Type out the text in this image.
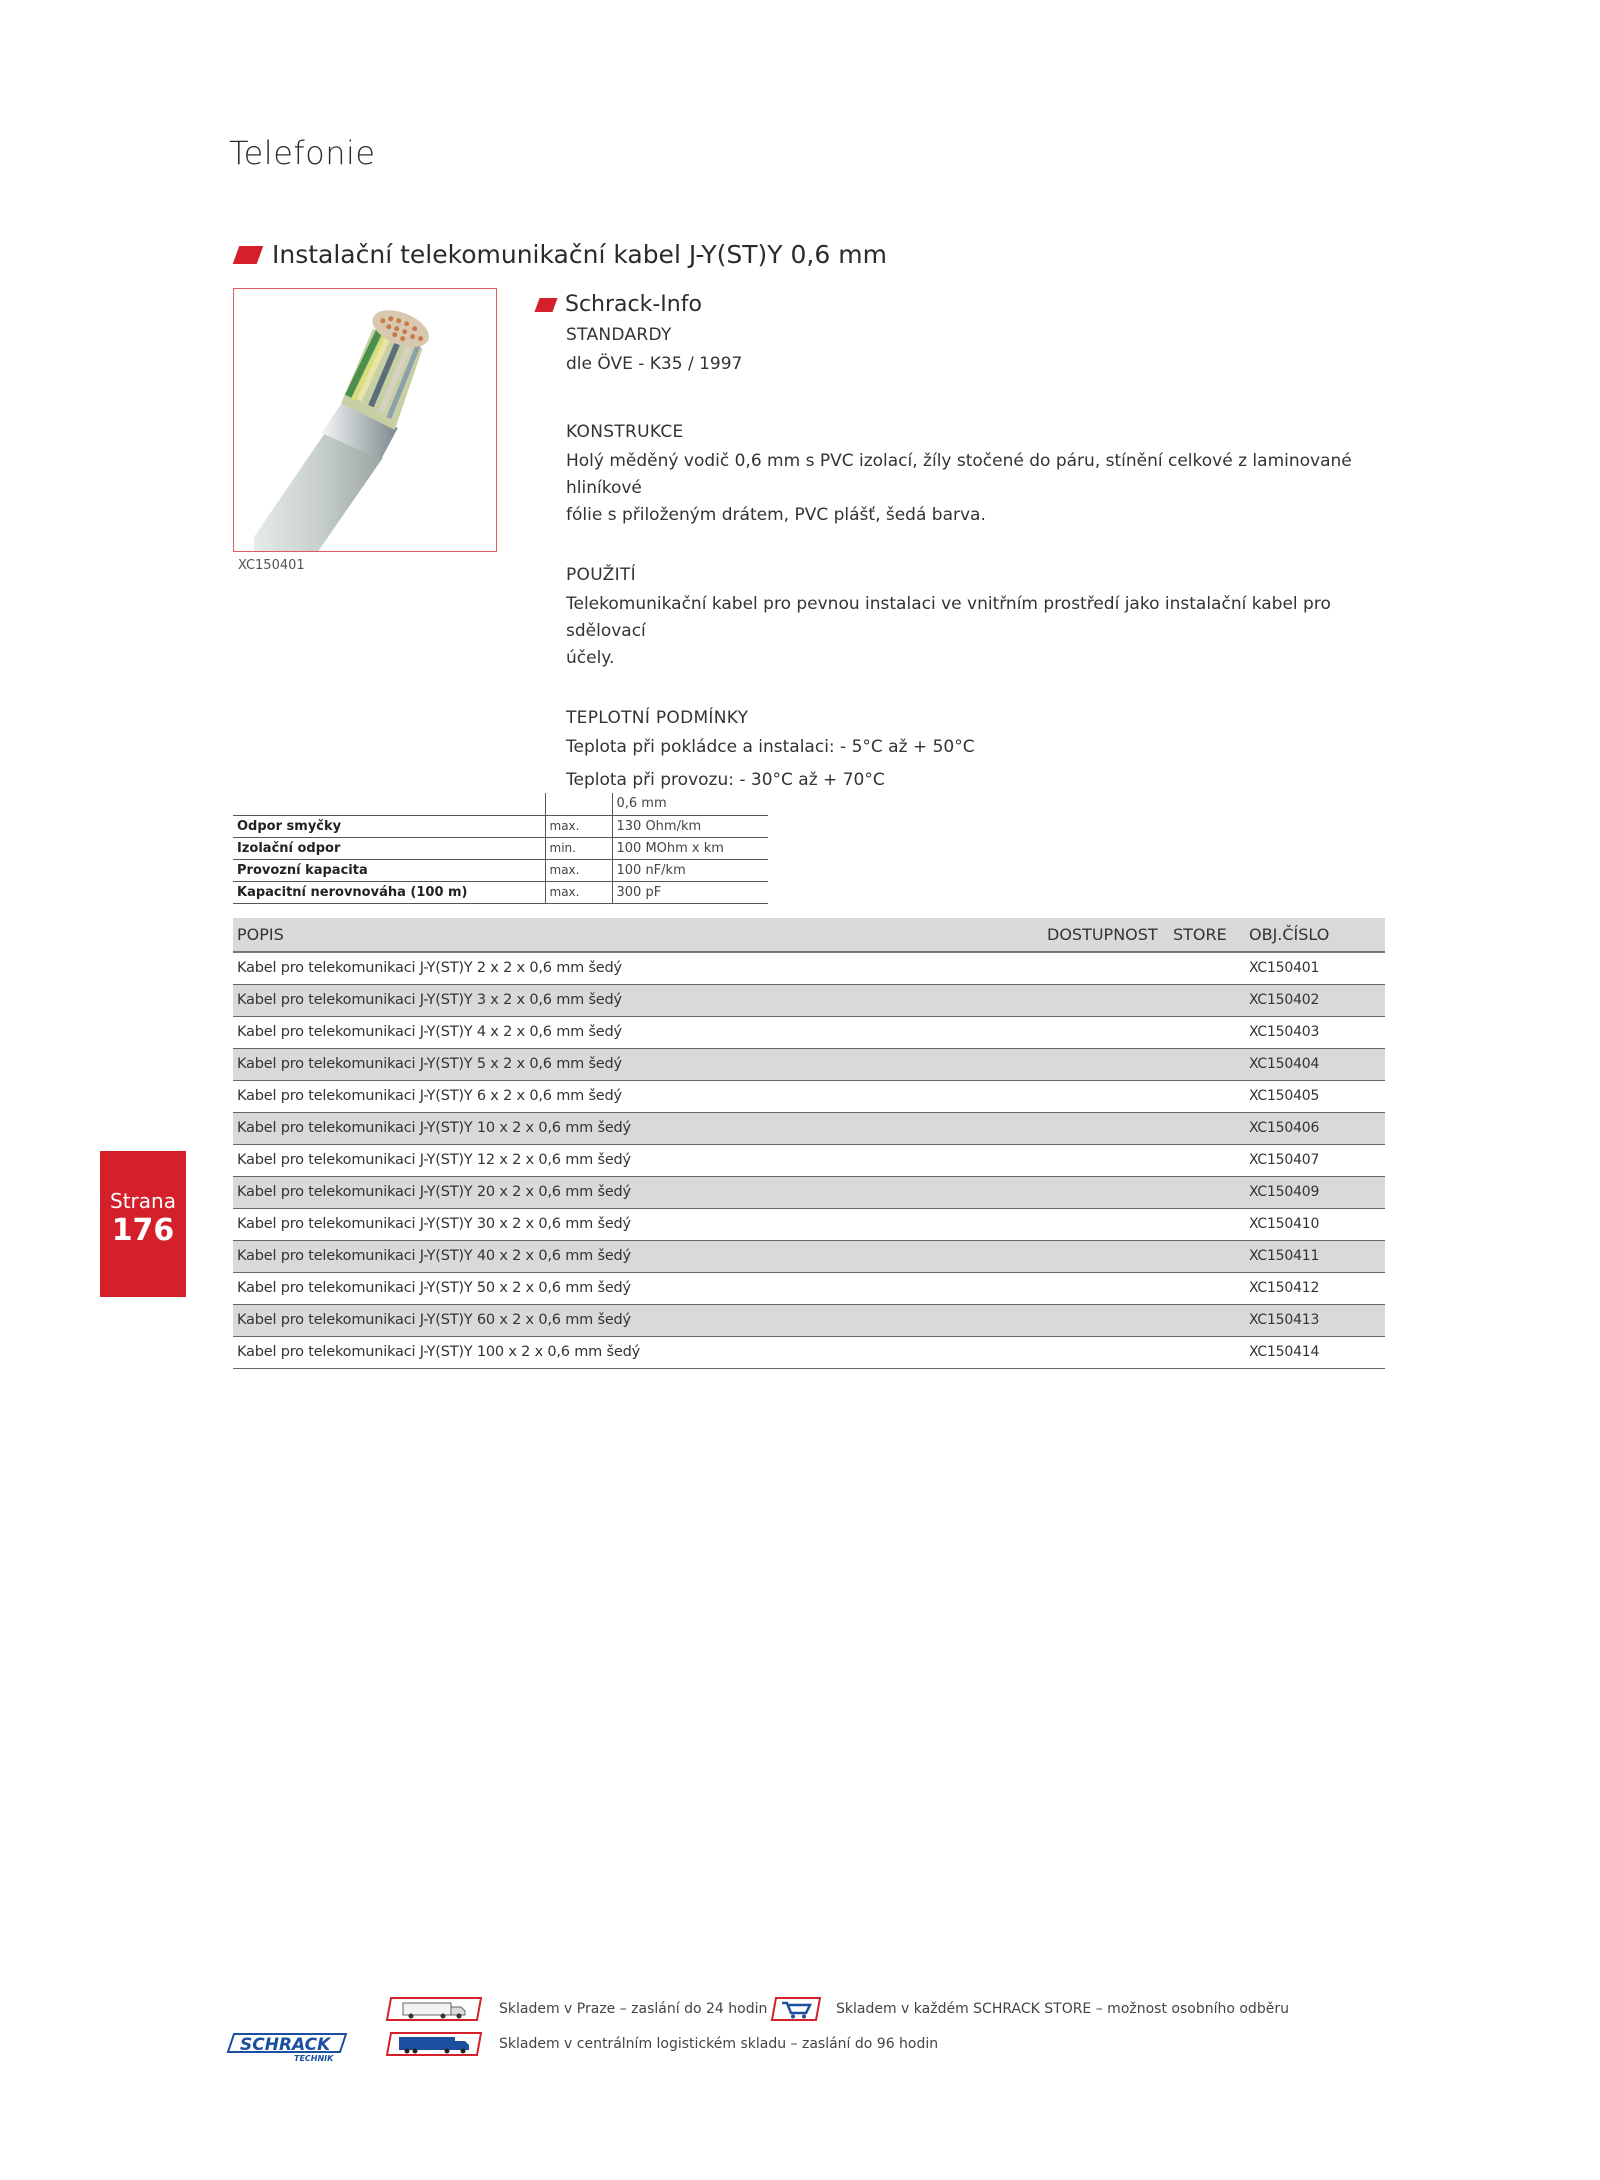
Telefonie
Instalační telekomunikační kabel J-Y(ST)Y 0,6 mm
XC150401
Schrack-Info
STANDARDY
dle ÖVE - K35 / 1997
KONSTRUKCE
Holý měděný vodič 0,6 mm s PVC izolací, žíly stočené do páru, stínění celkové z laminované hliníkové
fólie s přiloženým drátem, PVC plášť, šedá barva.
POUŽITÍ
Telekomunikační kabel pro pevnou instalaci ve vnitřním prostředí jako instalační kabel pro sdělovací
účely.
TEPLOTNÍ PODMÍNKY
Teplota při pokládce a instalaci: - 5°C až + 50°C
Teplota při provozu: - 30°C až + 70°C
		0,6 mm
Odpor smyčky	max.	130 Ohm/km
Izolační odpor	min.	100 MOhm x km
Provozní kapacita	max.	100 nF/km
Kapacitní nerovnováha (100 m)	max.	300 pF
POPIS	DOSTUPNOST	STORE	OBJ.ČÍSLO
Kabel pro telekomunikaci J-Y(ST)Y 2 x 2 x 0,6 mm šedý			XC150401
Kabel pro telekomunikaci J-Y(ST)Y 3 x 2 x 0,6 mm šedý			XC150402
Kabel pro telekomunikaci J-Y(ST)Y 4 x 2 x 0,6 mm šedý			XC150403
Kabel pro telekomunikaci J-Y(ST)Y 5 x 2 x 0,6 mm šedý			XC150404
Kabel pro telekomunikaci J-Y(ST)Y 6 x 2 x 0,6 mm šedý			XC150405
Kabel pro telekomunikaci J-Y(ST)Y 10 x 2 x 0,6 mm šedý			XC150406
Kabel pro telekomunikaci J-Y(ST)Y 12 x 2 x 0,6 mm šedý			XC150407
Kabel pro telekomunikaci J-Y(ST)Y 20 x 2 x 0,6 mm šedý			XC150409
Kabel pro telekomunikaci J-Y(ST)Y 30 x 2 x 0,6 mm šedý			XC150410
Kabel pro telekomunikaci J-Y(ST)Y 40 x 2 x 0,6 mm šedý			XC150411
Kabel pro telekomunikaci J-Y(ST)Y 50 x 2 x 0,6 mm šedý			XC150412
Kabel pro telekomunikaci J-Y(ST)Y 60 x 2 x 0,6 mm šedý			XC150413
Kabel pro telekomunikaci J-Y(ST)Y 100 x 2 x 0,6 mm šedý			XC150414
Strana
176
Skladem v Praze – zaslání do 24 hodin	Skladem v každém SCHRACK STORE – možnost osobního odběru
Skladem v centrálním logistickém skladu – zaslání do 96 hodin
SCHRACK
TECHNIK
